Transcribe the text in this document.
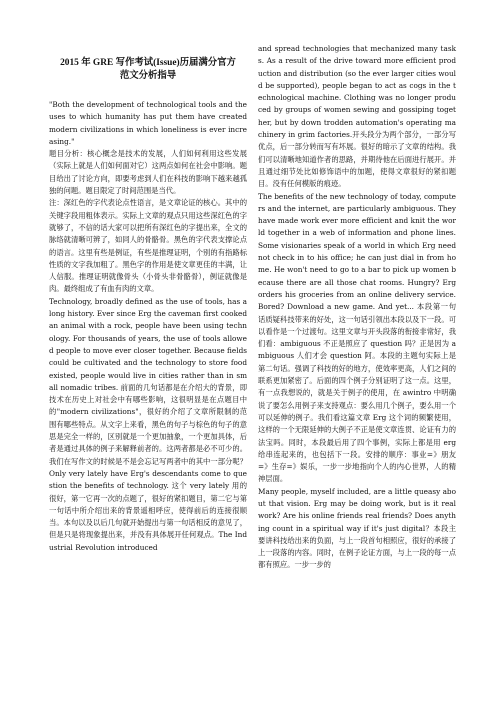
2015 年 GRE 写作考试(Issue)历届满分官方
范文分析指导

"Both the development of technological tools and the uses to which humanity has put them have created modern civilizations in which loneliness is ever increasing."

题目分析：核心概念是技术的发展，人们如何利用这些发展（实际上就是人们如何面对它）这两点如何在社会中影响。题目给出了讨论方向，即要考虑到人们在科技的影响下越来越孤独的问题。题目限定了时间范围是当代。
注：深红色的字代表论点性语言，是文章论证的核心。其中的关键字段用粗体表示。实际上文章的观点只用这些深红色的字就够了，不信的话大家可以把所有深红色的字提出来，全文的脉络就清晰可辨了，如同人的骨骼骨。黑色的字代表支撑论点的语言。这里有些是例证，有些是推理证明，个别的有指路标性质的文字我加粗了。黑色字的作用是使文章更佳的丰满，让人信服。推理证明就像骨头（小骨头非骨骼骨），例证就像是肉。最终组成了有血有肉的文章。

Technology, broadly defined as the use of tools, has a long history. Ever since Erg the caveman first cooked an animal with a rock, people have been using technology. For thousands of years, the use of tools allowed people to move ever closer together. Because fields could be cultivated and the technology to store food existed, people would live in cities rather than in small nomadic tribes. 前面的几句话都是在介绍大的背景，即技术在历史上对社会中有哪些影响，这很明显是在点题目中的"modern civilizations"，很好的介绍了文章所限制的范围有哪些特点。从文字上来看，黑色的句子与棕色的句子的意思是完全一样的，区别就是一个更加抽象，一个更加具体，后者是通过具体的例子来解释前者的。这两者都是必不可少的。我们在写作文的时候是不是会忘记写两者中的其中一部分呢？Only very lately have Erg's descendants come to question the benefits of technology. 这个 very lately 用的很好，第一它再一次的点题了，很好的紧扣题目，第二它与第一句话中所介绍出来的背景遥相呼应，使得前后的连接很顺当。本句以及以后几句就开始提出与第一句话相反的意见了，但是只是将现象提出来，并没有具体展开任何观点。The Industrial Revolution introduced

and spread technologies that mechanized many tasks. As a result of the drive toward more efficient production and distribution (so the ever larger cities would be supported), people began to act as cogs in the technological machine. Clothing was no longer produced by groups of women sewing and gossiping together, but by down trodden automation's operating machinery in grim factories.开头段分为两个部分，一部分写优点，后一部分转而写有坏展。很好的暗示了文章的结构。我们可以清晰地知道作者的思路，并期待他在后面进行展开。并且通过细节处比如修饰语中的加题，使得文章很好的紧扣题目。没有任何模版的痕迹。

The benefits of the new technology of today, computers and the internet, are particularly ambiguous. They have made work ever more efficient and knit the world together in a web of information and phone lines. Some visionaries speak of a world in which Erg need not check in to his office; he can just dial in from home. He won't need to go to a bar to pick up women because there are all those chat rooms. Hungry? Erg orders his groceries from an online delivery service. Bored? Download a new game. And yet... 本段第一句话质疑科技带来的好处，这一句话引领出本段以及下一段。可以看作是一个过渡句。这里文章与开头段落的衔接非常好，我们看：ambiguous 不正是照应了 question 吗？正是因为 ambiguous 人们才会 question 阿。本段的主题句实际上是第二句话。强调了科技的好的地方，使效率更高，人们之间的联系更加紧密了。后面的四个例子分别证明了这一点。这里，有一点我想说的，就是关于例子的使用，在 awintro 中明确说了要怎么用例子来支持观点：要么用几个例子，要么用一个可以延伸的例子。我们看这篇文章 Erg 这个词的频繁使用，这样的一个无限延伸的大例子不正是使文章连贯、论证有力的法宝吗。同时，本段最后用了四个事例，实际上都是用 erg 给串连起来的，也包括下一段。安排的顺序：事业=》朋友=》生存=》娱乐，一步一步地指向个人的内心世界，人的精神层面。

Many people, myself included, are a little queasy about that vision. Erg may be doing work, but is it real work? Are his online friends real friends? Does anything count in a spiritual way if it's just digital？本段主要讲科技给出来的负面，与上一段首句相照应，很好的承接了上一段落的内容。同时，在例子论证方面，与上一段的每一点都有照应。一步一步的
